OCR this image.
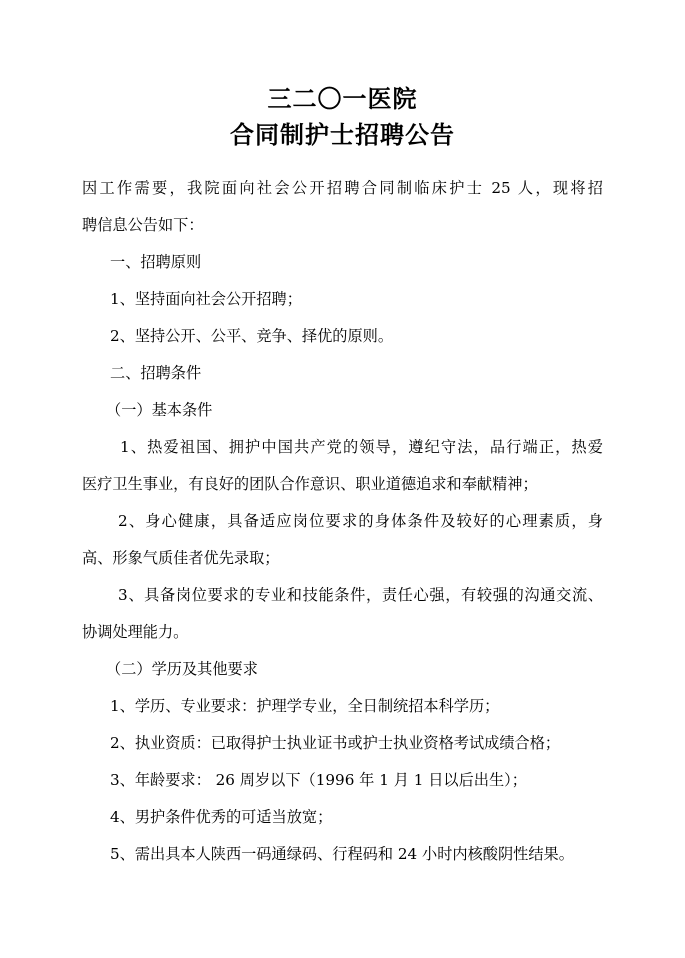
三二〇一医院
合同制护士招聘公告
因工作需要，我院面向社会公开招聘合同制临床护士 25 人，现将招
聘信息公告如下：
一、招聘原则
1、坚持面向社会公开招聘；
2、坚持公开、公平、竞争、择优的原则。
二、招聘条件
（一）基本条件
1、热爱祖国、拥护中国共产党的领导，遵纪守法，品行端正，热爱
医疗卫生事业，有良好的团队合作意识、职业道德追求和奉献精神；
2、身心健康，具备适应岗位要求的身体条件及较好的心理素质，身
高、形象气质佳者优先录取；
3、具备岗位要求的专业和技能条件，责任心强，有较强的沟通交流、
协调处理能力。
（二）学历及其他要求
1、学历、专业要求：护理学专业，全日制统招本科学历；
2、执业资质：已取得护士执业证书或护士执业资格考试成绩合格；
3、年龄要求： 26 周岁以下（1996 年 1 月 1 日以后出生）；
4、男护条件优秀的可适当放宽；
5、需出具本人陕西一码通绿码、行程码和 24 小时内核酸阴性结果。
